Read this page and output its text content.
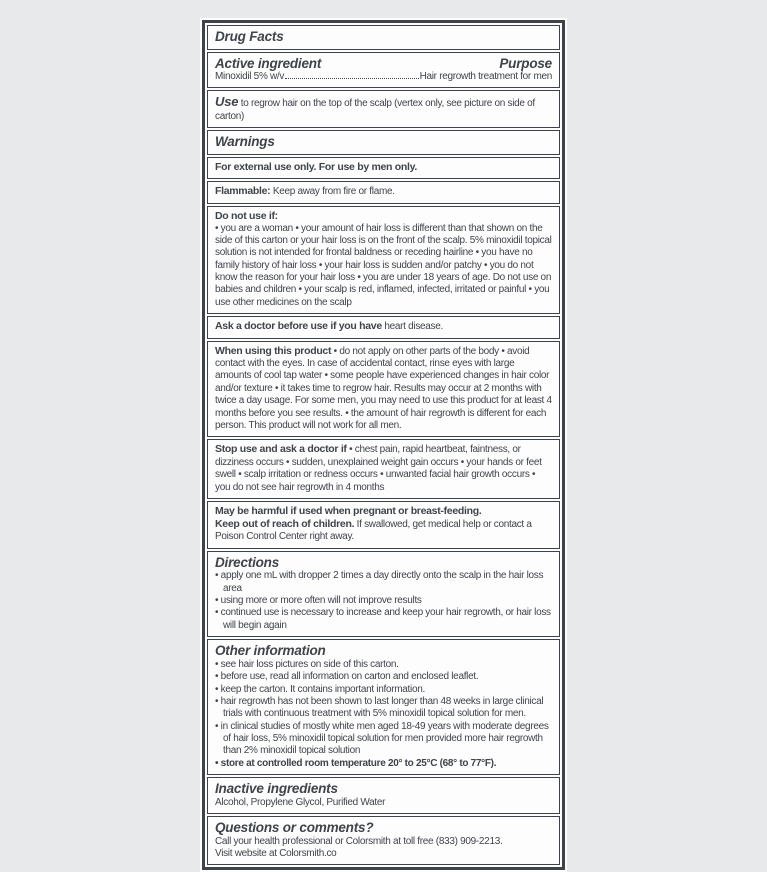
Drug Facts
Active ingredient	Purpose
Minoxidil 5% w/v	Hair regrowth treatment for men
Use to regrow hair on the top of the scalp (vertex only, see picture on side of carton)
Warnings
For external use only. For use by men only.
Flammable: Keep away from fire or flame.
Do not use if:
• you are a woman • your amount of hair loss is different than that shown on the side of this carton or your hair loss is on the front of the scalp. 5% minoxidil topical solution is not intended for frontal baldness or receding hairline • you have no family history of hair loss • your hair loss is sudden and/or patchy • you do not know the reason for your hair loss • you are under 18 years of age. Do not use on babies and children • your scalp is red, inflamed, infected, irritated or painful • you use other medicines on the scalp
Ask a doctor before use if you have heart disease.
When using this product • do not apply on other parts of the body • avoid contact with the eyes. In case of accidental contact, rinse eyes with large amounts of cool tap water • some people have experienced changes in hair color and/or texture • it takes time to regrow hair. Results may occur at 2 months with twice a day usage. For some men, you may need to use this product for at least 4 months before you see results. • the amount of hair regrowth is different for each person. This product will not work for all men.
Stop use and ask a doctor if • chest pain, rapid heartbeat, faintness, or dizziness occurs • sudden, unexplained weight gain occurs • your hands or feet swell • scalp irritation or redness occurs • unwanted facial hair growth occurs • you do not see hair regrowth in 4 months
May be harmful if used when pregnant or breast-feeding.
Keep out of reach of children. If swallowed, get medical help or contact a Poison Control Center right away.
Directions
• apply one mL with dropper 2 times a day directly onto the scalp in the hair loss area
• using more or more often will not improve results
• continued use is necessary to increase and keep your hair regrowth, or hair loss will begin again
Other information
• see hair loss pictures on side of this carton.
• before use, read all information on carton and enclosed leaflet.
• keep the carton. It contains important information.
• hair regrowth has not been shown to last longer than 48 weeks in large clinical trials with continuous treatment with 5% minoxidil topical solution for men.
• in clinical studies of mostly white men aged 18-49 years with moderate degrees of hair loss, 5% minoxidil topical solution for men provided more hair regrowth than 2% minoxidil topical solution
• store at controlled room temperature 20° to 25°C (68° to 77°F).
Inactive ingredients
Alcohol, Propylene Glycol, Purified Water
Questions or comments?
Call your health professional or Colorsmith at toll free (833) 909-2213.
Visit website at Colorsmith.co
